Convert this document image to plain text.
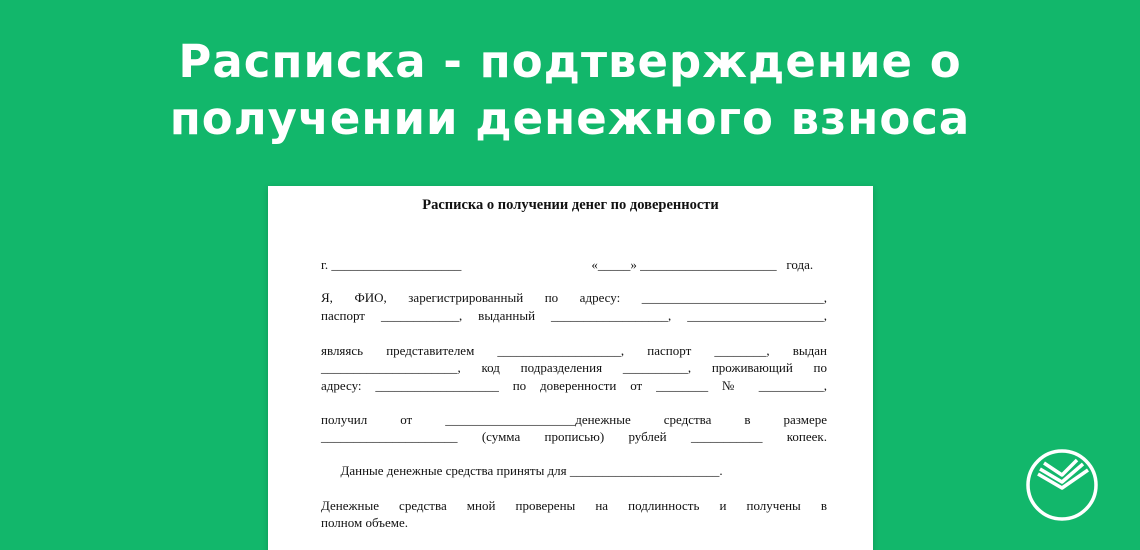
Расписка - подтверждение о
получении денежного взноса
Расписка о получении денег по доверенности
г. ____________________                                        «_____» _____________________   года.
Я, ФИО, зарегистрированный по адресу: ____________________________,
паспорт ____________, выданный __________________, _____________________,
являясь представителем ___________________, паспорт ________, выдан
_____________________, код подразделения __________, проживающий по
адресу: ___________________ по доверенности от ________ № __________,
получил от ____________________денежные средства в размере
_____________________ (сумма прописью) рублей ___________ копеек.
Данные денежные средства приняты для _______________________.
Денежные средства мной проверены на подлинность и получены в
полном объеме.
